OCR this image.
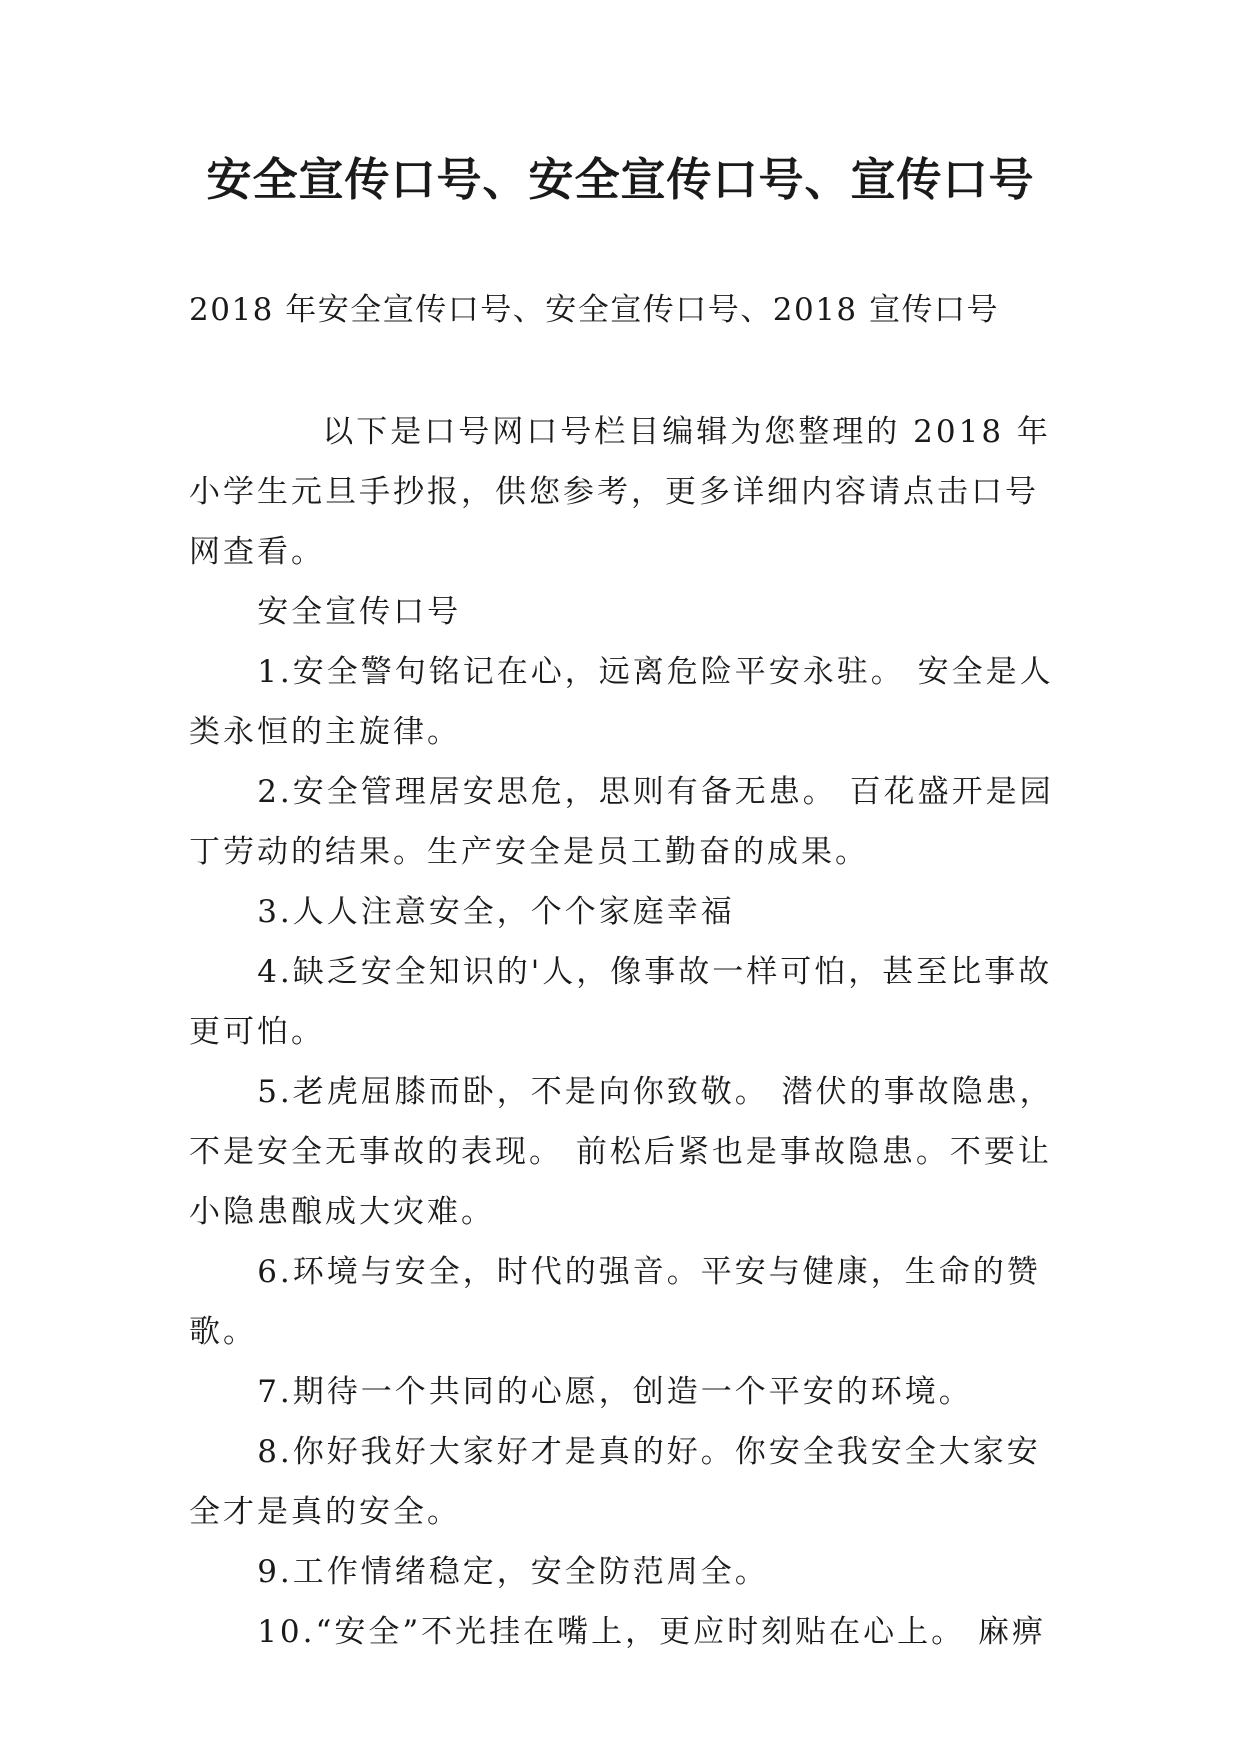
安全宣传口号、安全宣传口号、宣传口号

2018 年安全宣传口号、安全宣传口号、2018 宣传口号

以下是口号网口号栏目编辑为您整理的 2018 年小学生元旦手抄报，供您参考，更多详细内容请点击口号网查看。

安全宣传口号

1.安全警句铭记在心，远离危险平安永驻。 安全是人类永恒的主旋律。

2.安全管理居安思危，思则有备无患。 百花盛开是园丁劳动的结果。生产安全是员工勤奋的成果。

3.人人注意安全，个个家庭幸福

4.缺乏安全知识的'人，像事故一样可怕，甚至比事故更可怕。

5.老虎屈膝而卧，不是向你致敬。 潜伏的事故隐患，不是安全无事故的表现。 前松后紧也是事故隐患。不要让小隐患酿成大灾难。

6.环境与安全，时代的强音。平安与健康，生命的赞歌。

7.期待一个共同的心愿，创造一个平安的环境。

8.你好我好大家好才是真的好。你安全我安全大家安全才是真的安全。

9.工作情绪稳定，安全防范周全。

10.“安全”不光挂在嘴上，更应时刻贴在心上。 麻痹
